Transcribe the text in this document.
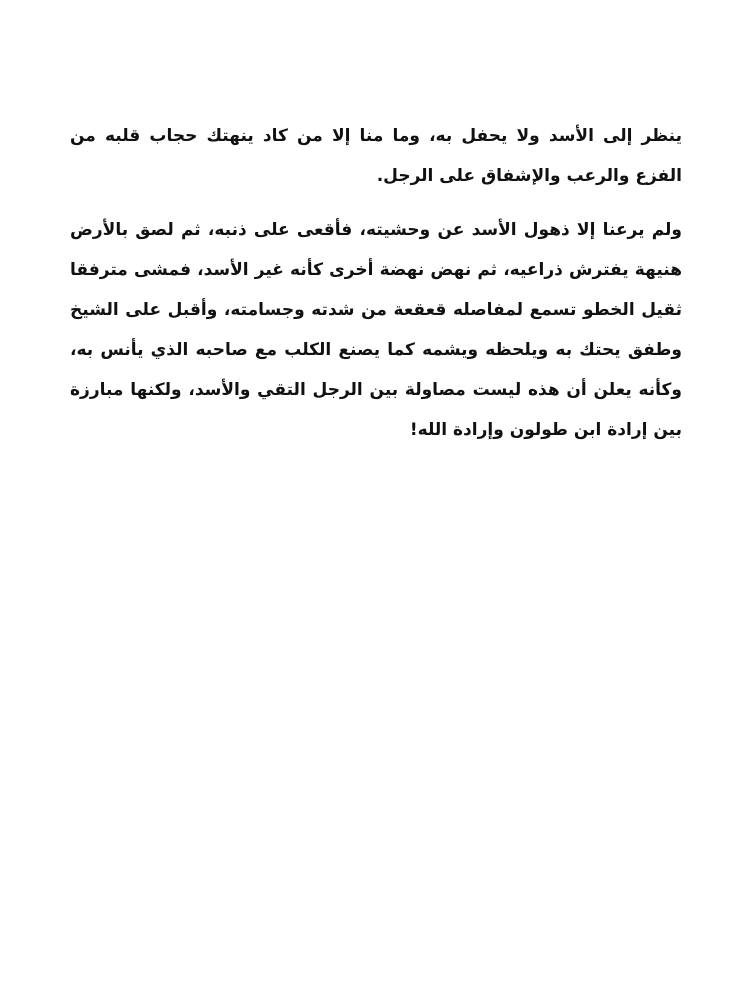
ينظر إلى الأسد ولا يحفل به، وما منا إلا من كاد ينهتك حجاب قلبه من الفزع والرعب والإشفاق على الرجل.

ولم يرعنا إلا ذهول الأسد عن وحشيته، فأقعى على ذنبه، ثم لصق بالأرض هنيهة يفترش ذراعيه، ثم نهض نهضة أخرى كأنه غير الأسد، فمشى مترفقا ثقيل الخطو تسمع لمفاصله قعقعة من شدته وجسامته، وأقبل على الشيخ وطفق يحتك به ويلحظه ويشمه كما يصنع الكلب مع صاحبه الذي يأنس به، وكأنه يعلن أن هذه ليست مصاولة بين الرجل التقي والأسد، ولكنها مبارزة بين إرادة ابن طولون وإرادة الله!
